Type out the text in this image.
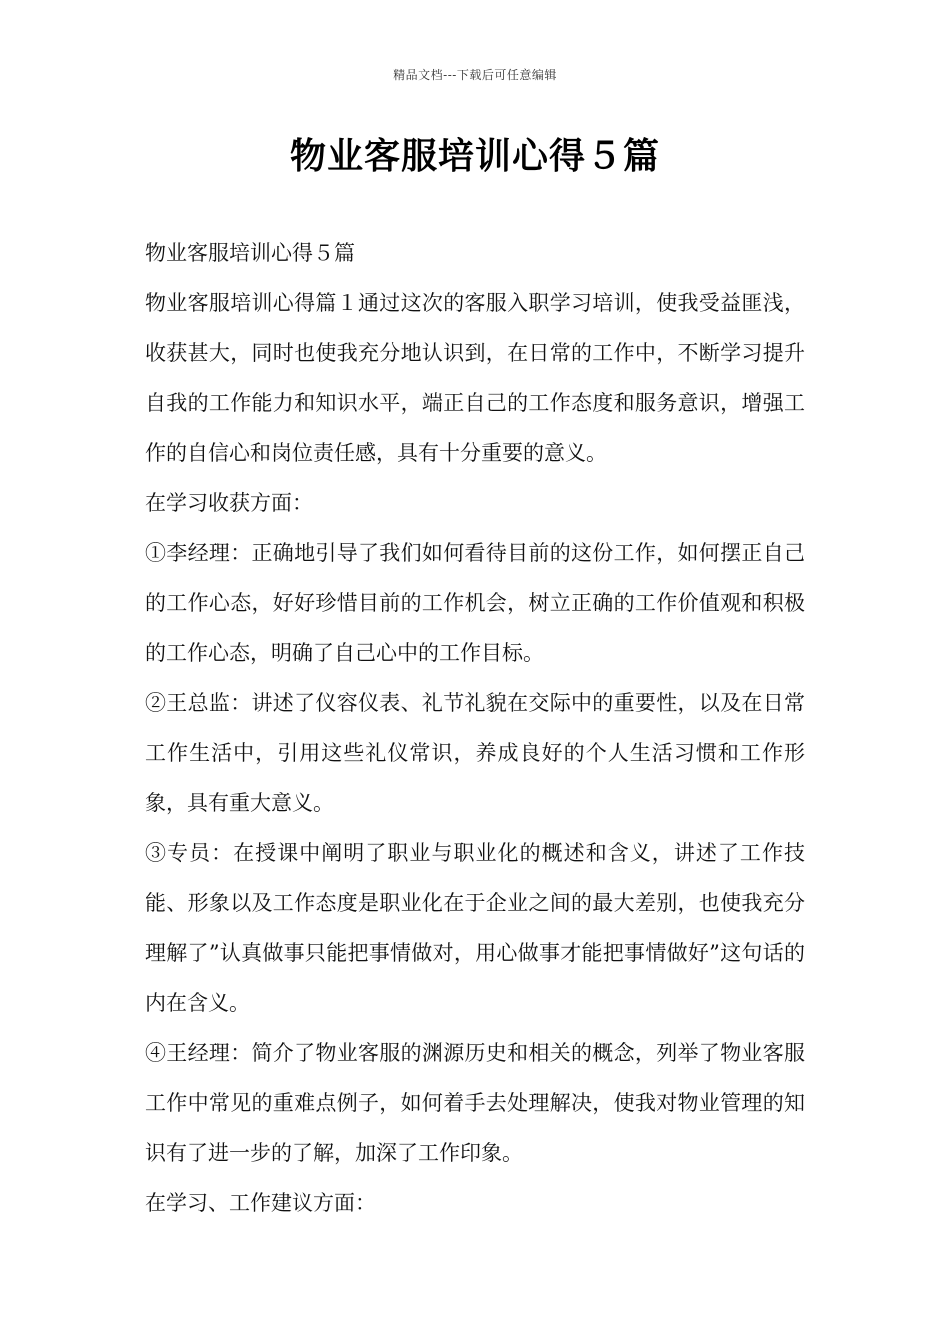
精品文档---下载后可任意编辑
物业客服培训心得５篇

物业客服培训心得５篇

物业客服培训心得篇１通过这次的客服入职学习培训，使我受益匪浅，收获甚大，同时也使我充分地认识到，在日常的工作中，不断学习提升自我的工作能力和知识水平，端正自己的工作态度和服务意识，增强工作的自信心和岗位责任感，具有十分重要的意义。

在学习收获方面：

①李经理：正确地引导了我们如何看待目前的这份工作，如何摆正自己的工作心态，好好珍惜目前的工作机会，树立正确的工作价值观和积极的工作心态，明确了自己心中的工作目标。

②王总监：讲述了仪容仪表、礼节礼貌在交际中的重要性，以及在日常工作生活中，引用这些礼仪常识，养成良好的个人生活习惯和工作形象，具有重大意义。

③专员：在授课中阐明了职业与职业化的概述和含义，讲述了工作技能、形象以及工作态度是职业化在于企业之间的最大差别，也使我充分理解了”认真做事只能把事情做对，用心做事才能把事情做好”这句话的内在含义。

④王经理：简介了物业客服的渊源历史和相关的概念，列举了物业客服工作中常见的重难点例子，如何着手去处理解决，使我对物业管理的知识有了进一步的了解，加深了工作印象。

在学习、工作建议方面：
